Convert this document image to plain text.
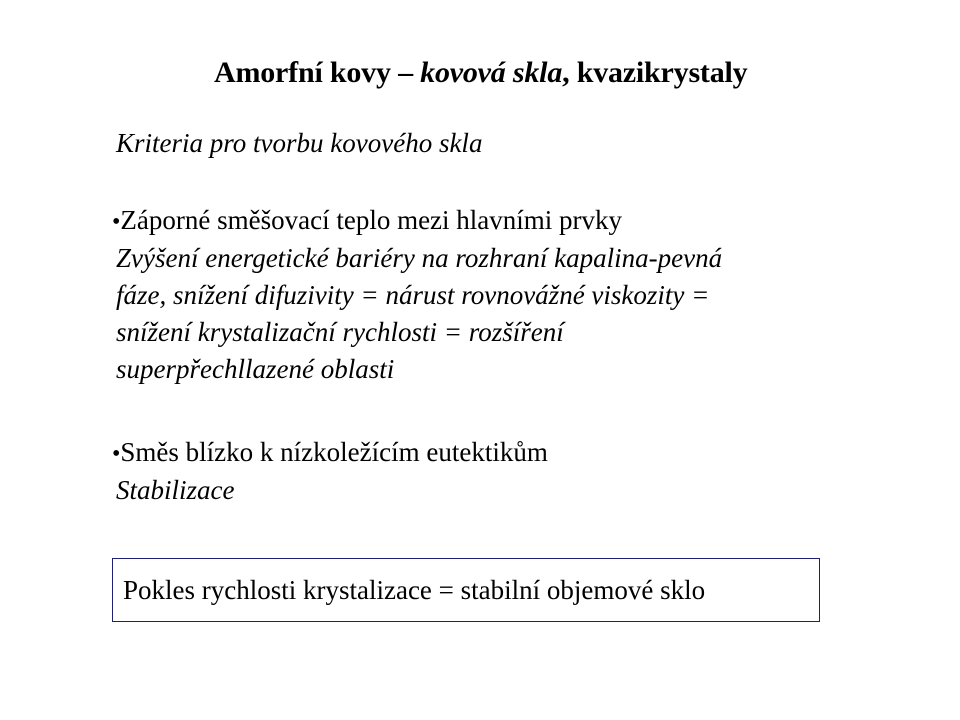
Amorfní kovy – kovová skla, kvazikrystaly
Kriteria pro tvorbu kovového skla
•Záporné směšovací teplo mezi hlavními prvky
Zvýšení energetické bariéry na rozhraní kapalina-pevná
fáze, snížení difuzivity = nárust rovnovážné viskozity =
snížení krystalizační rychlosti = rozšíření
superpřechllazené oblasti
•Směs blízko k nízkoležícím eutektikům
Stabilizace
Pokles rychlosti krystalizace = stabilní objemové sklo
